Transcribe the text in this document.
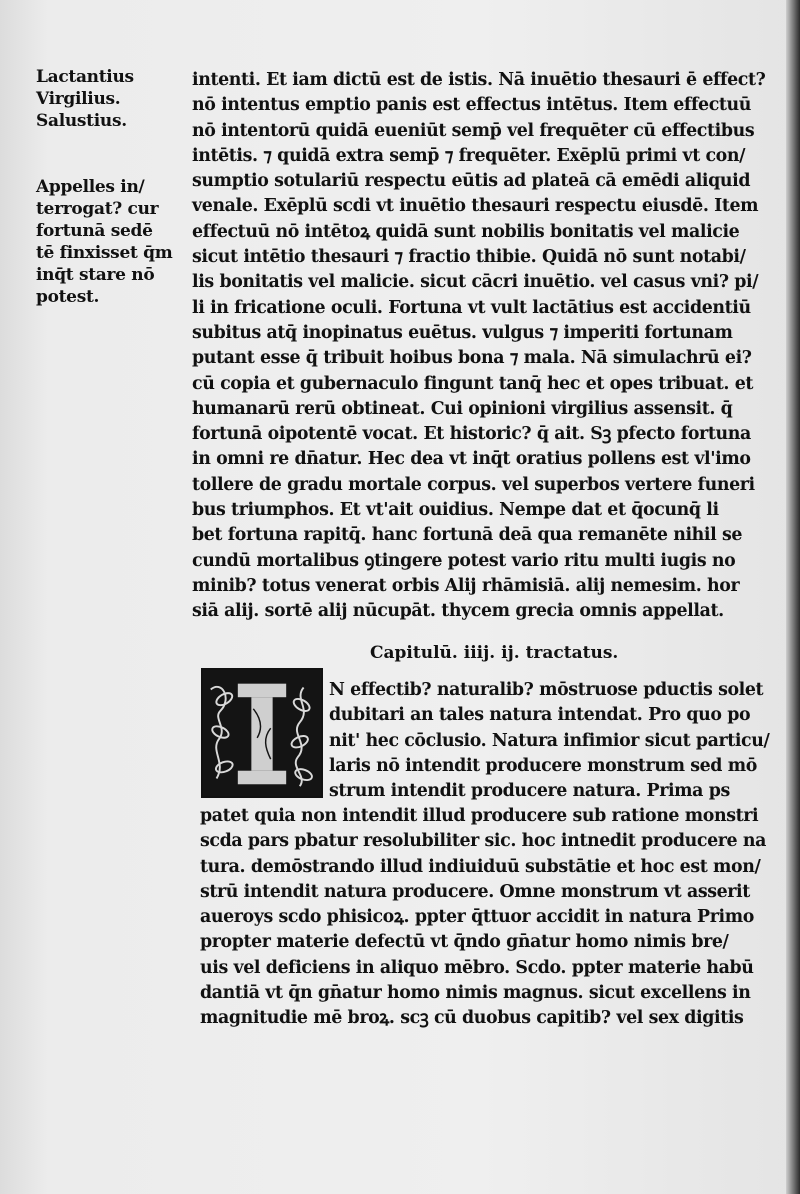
Lactantius
Virgilius.
Salustius.
Appelles in/
terrogat? cur
fortunā sedē
tē finxisset q̄m
inq̄t stare nō
potest.
intenti. Et iam dictū est de istis. Nā inuētio thesauri ē effect?
nō intentus emptio panis est effectus intētus. Item effectuū
nō intentorū quidā eueniūt semp̄ vel frequēter cū effectibus
intētis. ⁊ quidā extra semp̄ ⁊ frequēter. Exēplū primi vt con/
sumptio sotulariū respectu eūtis ad plateā cā emēdi aliquid
venale. Exēplū scdi vt inuētio thesauri respectu eiusdē. Item
effectuū nō intētoꝝ quidā sunt nobilis bonitatis vel malicie
sicut intētio thesauri ⁊ fractio thibie. Quidā nō sunt notabi/
lis bonitatis vel malicie. sicut cācri inuētio. vel casus vni? pi/
li in fricatione oculi. Fortuna vt vult lactātius est accidentiū
subitus atq̄ inopinatus euētus. vulgus ⁊ imperiti fortunam
putant esse q̄ tribuit hoibus bona ⁊ mala. Nā simulachrū ei?
cū copia et gubernaculo fingunt tanq̄ hec et opes tribuat. et
humanarū rerū obtineat. Cui opinioni virgilius assensit. q̄
fortunā oipotentē vocat. Et historic? q̄ ait. Sꝫ pfecto fortuna
in omni re dn̄atur. Hec dea vt inq̄t oratius pollens est vl'imo
tollere de gradu mortale corpus. vel superbos vertere funeri
bus triumphos. Et vt'ait ouidius. Nempe dat et q̄ocunq̄ li
bet fortuna rapitq̄. hanc fortunā deā qua remanēte nihil se
cundū mortalibus ꝯtingere potest vario ritu multi iugis no
minib? totus venerat orbis Alij rhāmisiā. alij nemesim. hor
siā alij. sortē alij nūcupāt. thycem grecia omnis appellat.
Capitulū. iiij. ij. tractatus.
N effectib? naturalib? mōstruose pductis solet
dubitari an tales natura intendat. Pro quo po
nit' hec cōclusio. Natura infimior sicut particu/
laris nō intendit producere monstrum sed mō
strum intendit producere natura. Prima ps
patet quia non intendit illud producere sub ratione monstri
scda pars pbatur resolubiliter sic. hoc intnedit producere na
tura. demōstrando illud indiuiduū substātie et hoc est mon/
strū intendit natura producere. Omne monstrum vt asserit
aueroys scdo phisicoꝝ. ppter q̄ttuor accidit in natura Primo
propter materie defectū vt q̄ndo gn̄atur homo nimis bre/
uis vel deficiens in aliquo mēbro. Scdo. ppter materie habū
dantiā vt q̄n gn̄atur homo nimis magnus. sicut excellens in
magnitudie mē broꝝ. scꝫ cū duobus capitib? vel sex digitis
